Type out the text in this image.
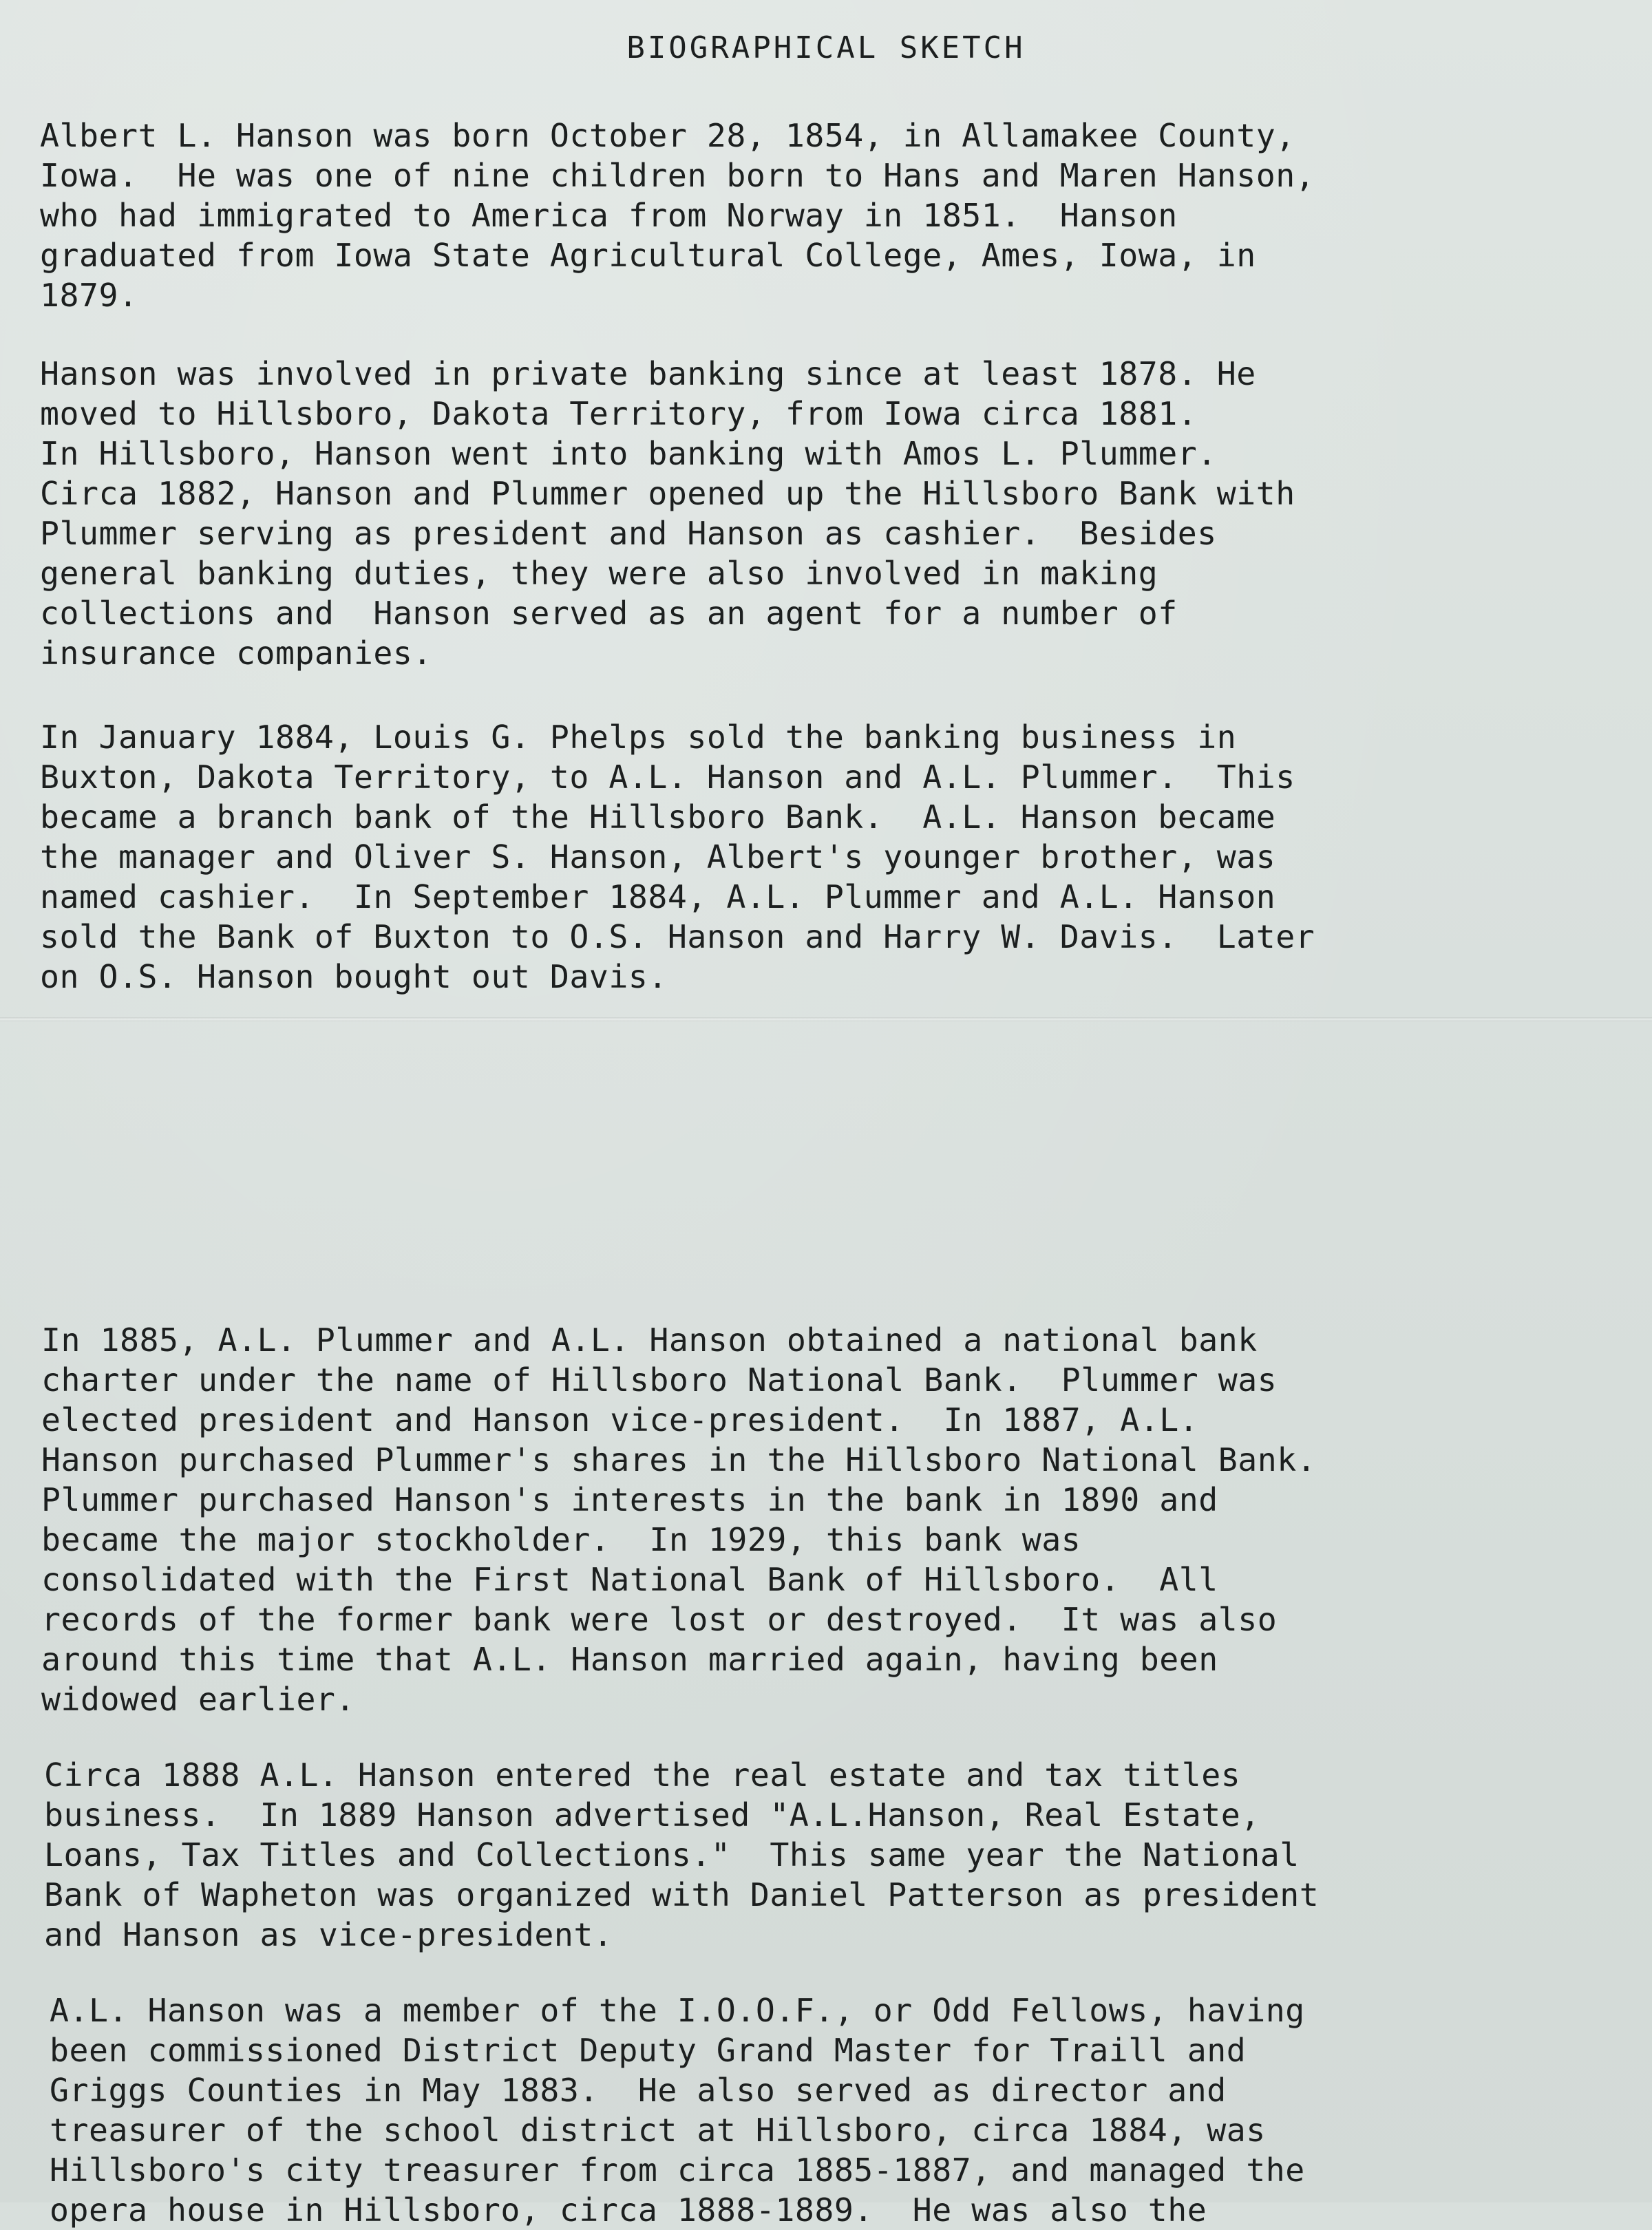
BIOGRAPHICAL SKETCH
Albert L. Hanson was born October 28, 1854, in Allamakee County,
Iowa.  He was one of nine children born to Hans and Maren Hanson,
who had immigrated to America from Norway in 1851.  Hanson
graduated from Iowa State Agricultural College, Ames, Iowa, in
1879.
Hanson was involved in private banking since at least 1878. He
moved to Hillsboro, Dakota Territory, from Iowa circa 1881.
In Hillsboro, Hanson went into banking with Amos L. Plummer.
Circa 1882, Hanson and Plummer opened up the Hillsboro Bank with
Plummer serving as president and Hanson as cashier.  Besides
general banking duties, they were also involved in making
collections and  Hanson served as an agent for a number of
insurance companies.
In January 1884, Louis G. Phelps sold the banking business in
Buxton, Dakota Territory, to A.L. Hanson and A.L. Plummer.  This
became a branch bank of the Hillsboro Bank.  A.L. Hanson became
the manager and Oliver S. Hanson, Albert's younger brother, was
named cashier.  In September 1884, A.L. Plummer and A.L. Hanson
sold the Bank of Buxton to O.S. Hanson and Harry W. Davis.  Later
on O.S. Hanson bought out Davis.
In 1885, A.L. Plummer and A.L. Hanson obtained a national bank
charter under the name of Hillsboro National Bank.  Plummer was
elected president and Hanson vice-president.  In 1887, A.L.
Hanson purchased Plummer's shares in the Hillsboro National Bank.
Plummer purchased Hanson's interests in the bank in 1890 and
became the major stockholder.  In 1929, this bank was
consolidated with the First National Bank of Hillsboro.  All
records of the former bank were lost or destroyed.  It was also
around this time that A.L. Hanson married again, having been
widowed earlier.
Circa 1888 A.L. Hanson entered the real estate and tax titles
business.  In 1889 Hanson advertised "A.L.Hanson, Real Estate,
Loans, Tax Titles and Collections."  This same year the National
Bank of Wapheton was organized with Daniel Patterson as president
and Hanson as vice-president.
A.L. Hanson was a member of the I.O.O.F., or Odd Fellows, having
been commissioned District Deputy Grand Master for Traill and
Griggs Counties in May 1883.  He also served as director and
treasurer of the school district at Hillsboro, circa 1884, was
Hillsboro's city treasurer from circa 1885-1887, and managed the
opera house in Hillsboro, circa 1888-1889.  He was also the
